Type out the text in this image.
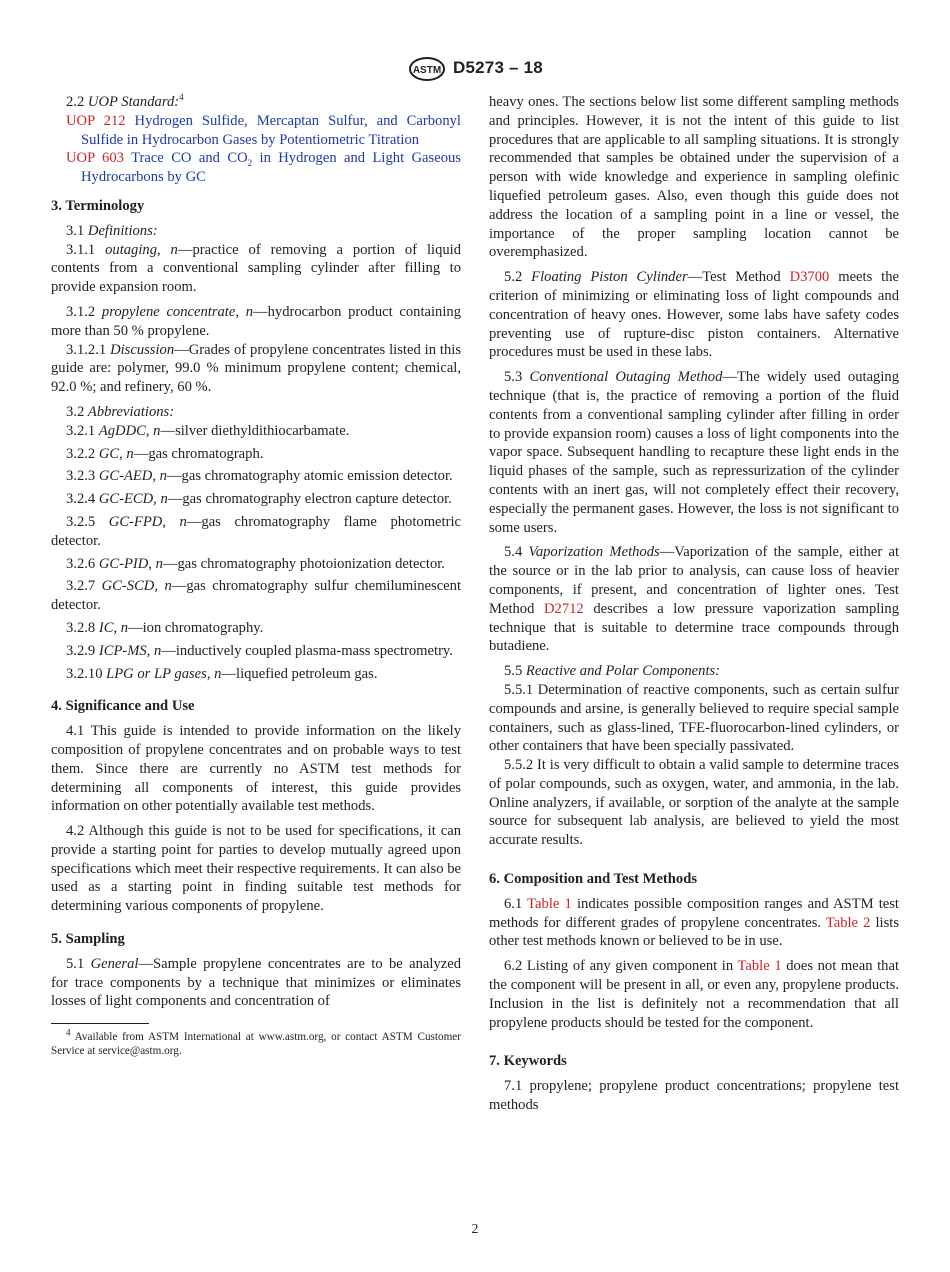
ASTM D5273 – 18

2.2 UOP Standard:$^4$

UOP 212 Hydrogen Sulfide, Mercaptan Sulfur, and Carbonyl Sulfide in Hydrocarbon Gases by Potentiometric Titration

UOP 603 Trace CO and $CO_2$ in Hydrogen and Light Gaseous Hydrocarbons by GC

3. Terminology

3.1 Definitions:

3.1.1 outaging, n—practice of removing a portion of liquid contents from a conventional sampling cylinder after filling to provide expansion room.

3.1.2 propylene concentrate, n—hydrocarbon product containing more than 50 % propylene.

3.1.2.1 Discussion—Grades of propylene concentrates listed in this guide are: polymer, 99.0 % minimum propylene content; chemical, 92.0 %; and refinery, 60 %.

3.2 Abbreviations:

3.2.1 AgDDC, n—silver diethyldithiocarbamate.

3.2.2 GC, n—gas chromatograph.

3.2.3 GC-AED, n—gas chromatography atomic emission detector.

3.2.4 GC-ECD, n—gas chromatography electron capture detector.

3.2.5 GC-FPD, n—gas chromatography flame photometric detector.

3.2.6 GC-PID, n—gas chromatography photoionization detector.

3.2.7 GC-SCD, n—gas chromatography sulfur chemiluminescent detector.

3.2.8 IC, n—ion chromatography.

3.2.9 ICP-MS, n—inductively coupled plasma-mass spectrometry.

3.2.10 LPG or LP gases, n—liquefied petroleum gas.

4. Significance and Use

4.1 This guide is intended to provide information on the likely composition of propylene concentrates and on probable ways to test them. Since there are currently no ASTM test methods for determining all components of interest, this guide provides information on other potentially available test methods.

4.2 Although this guide is not to be used for specifications, it can provide a starting point for parties to develop mutually agreed upon specifications which meet their respective requirements. It can also be used as a starting point in finding suitable test methods for determining various components of propylene.

5. Sampling

5.1 General—Sample propylene concentrates are to be analyzed for trace components by a technique that minimizes or eliminates losses of light components and concentration of

$^4$ Available from ASTM International at www.astm.org, or contact ASTM Customer Service at service@astm.org.

heavy ones. The sections below list some different sampling methods and principles. However, it is not the intent of this guide to list procedures that are applicable to all sampling situations. It is strongly recommended that samples be obtained under the supervision of a person with wide knowledge and experience in sampling olefinic liquefied petroleum gases. Also, even though this guide does not address the location of a sampling point in a line or vessel, the importance of the proper sampling location cannot be overemphasized.

5.2 Floating Piston Cylinder—Test Method D3700 meets the criterion of minimizing or eliminating loss of light compounds and concentration of heavy ones. However, some labs have safety codes preventing use of rupture-disc piston containers. Alternative procedures must be used in these labs.

5.3 Conventional Outaging Method—The widely used outaging technique (that is, the practice of removing a portion of the fluid contents from a conventional sampling cylinder after filling in order to provide expansion room) causes a loss of light components into the vapor space. Subsequent handling to recapture these light ends in the liquid phases of the sample, such as repressurization of the cylinder contents with an inert gas, will not completely effect their recovery, especially the permanent gases. However, the loss is not significant to some users.

5.4 Vaporization Methods—Vaporization of the sample, either at the source or in the lab prior to analysis, can cause loss of heavier components, if present, and concentration of lighter ones. Test Method D2712 describes a low pressure vaporization sampling technique that is suitable to determine trace compounds through butadiene.

5.5 Reactive and Polar Components:

5.5.1 Determination of reactive components, such as certain sulfur compounds and arsine, is generally believed to require special sample containers, such as glass-lined, TFE-fluorocarbon-lined cylinders, or other containers that have been specially passivated.

5.5.2 It is very difficult to obtain a valid sample to determine traces of polar compounds, such as oxygen, water, and ammonia, in the lab. Online analyzers, if available, or sorption of the analyte at the sample source for subsequent lab analysis, are believed to yield the most accurate results.

6. Composition and Test Methods

6.1 Table 1 indicates possible composition ranges and ASTM test methods for different grades of propylene concentrates. Table 2 lists other test methods known or believed to be in use.

6.2 Listing of any given component in Table 1 does not mean that the component will be present in all, or even any, propylene products. Inclusion in the list is definitely not a recommendation that all propylene products should be tested for the component.

7. Keywords

7.1 propylene; propylene product concentrations; propylene test methods

2
